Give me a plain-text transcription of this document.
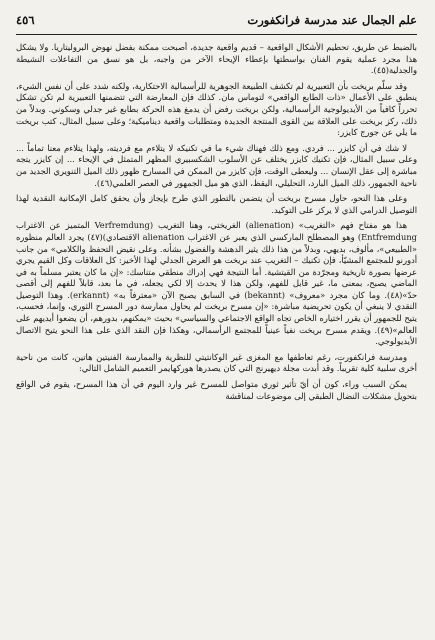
علم الجمال عند مدرسة فرانكفورت
٤٥٦

بالضبط عن طريق، تحطيم الأشكال الواقعية – قديم واقعية جديدة، أصبحت ممكنة بفضل نهوض البروليتاريا. ولا يشكل هذا مجرد عملية يقوم الفنان بواسطتها بإعطاء الإيحاء الآخر من واجبه، بل هو نسق من التفاعلات النشيطة والجدلية(٤٥).

وقد سلّم بريخت بأن التعبيرية لم تكشف الطبيعة الجوهرية للرأسمالية الاحتكارية، ولكنه شدد على أن نفس الشيء، ينطبق على الأعمال «ذات الطابع الواقعي» لتوماس مان. كذلك فإن المعارضة التي تتضمنها التعبيرية لم تكن تشكل تحرراً كافياً من الأيديولوجية الرأسمالية، ولكن بريخت رفض أن يدمغ هذه الحركة بطابع غير جدلي وسكوني. وبدلاً من ذلك، ركز بريخت على العلاقة بين القوى المنتجة الجديدة ومتطلبات واقعية ديناميكية؛ وعلى سبيل المثال، كتب بريخت ما يلي عن جورج كايزر:

لا شك في أن كايزر ... فردي. ومع ذلك فهناك شيء ما في تكنيكه لا يتلاءم مع فرديته، ولهذا يتلاءم معنا تماماً ... وعلى سبيل المثال، فإن تكنيك كايزر يختلف عن الأسلوب الشكسبيري المظهر المتمثل في الإيحاء ... إن كايزر يتجه مباشرة إلى عقل الإنسان ... وليعطى الوقت، فإن كايزر من الممكن في المسارح ظهور ذلك الميل التنويري الجديد من ناحية الجمهور، ذلك الميل البارد، التحليلي، اليقظ، الذي هو ميل الجمهور في العصر العلمي(٤٦).

وعلى هذا النحو، حاول مسرح بريخت أن يتضمن بالتطور الذي طرح بإيجاز وأن يحقق كامل الإمكانية النقدية لهذا التوصيل الدرامي الذي لا يركز على التوكيد.

هذا هو مفتاح فهم «التغريب» (alienation) الغريختي، وهنا التغريب (Verfremdung المتميز عن الاغتراب Entfremdung) وهو المصطلح الماركسي الذي يعبر عن الاغتراب alienation الاقتصادي)(٤٧) يجرد العالم منظوره «الطبيعي»، مألوف، بديهي، وبدلاً من هذا ذلك يثير الدهشة والفضول بشأنه. وعلى نقيض التحفظ والكلامي» من جانب أدورنو للمجتمع المشيّأ، فإن تكنيك – التغريب عند بريخت هو العرض الجدلي لهذا الأخير: كل العلاقات وكل القيم يجري عرضها بصورة تاريخية ومجرّدة من القيتشية. أما النتيجة فهي إدراك منطقي متناسك: «إن ما كان يعتبر مسلماً به في الماضي يصبح، بمعنى ما، غير قابل للفهم، ولكن هذا لا يحدث إلا لكي يجعله، في ما بعد، قابلاً للفهم إلى أقصى حدّ»(٤٨). وما كان مجرد «معروف» (bekannt) في السابق يصبح الآن «معترفاً به» (erkannt). وهذا التوصيل النقدي لا ينبغي أن يكون تحريضية مباشرة: «إن مسرح بريخت لم يحاول ممارسة دور المسرح الثوري، وإنما، فحسب، يتيح للجمهور أن يقرر اختياره الخاص تجاه الواقع الاجتماعي والسياسي» بحيث «يمكنهم، بدورهم، أن يضعوا أيديهم على العالم»(٤٩). ويقدم مسرح بريخت نفياً عينياً للمجتمع الرأسمالي، وهكذا فإن النقد الذي على هذا النحو يتيح الاتصال الأيديولوجي.

ومدرسة فرانكفورت، رغم تعاطفها مع المغزى غير الوكانتيتي للنظرية والممارسة الفنيتين هاتين، كانت من ناحية أخرى سلبية كلية تقريباً. وقد أبدت مجلة ديهيرنج التي كان يصدرها هوركهايمر التعميم الشامل التالي:

يمكن السبب وراء، كون أن أيّ تأثير ثوري متواصل للمسرح غير وارد اليوم في أن هذا المسرح، يقوم في الواقع بتحويل مشكلات النضال الطبقي إلى موضوعات لمناقشة
